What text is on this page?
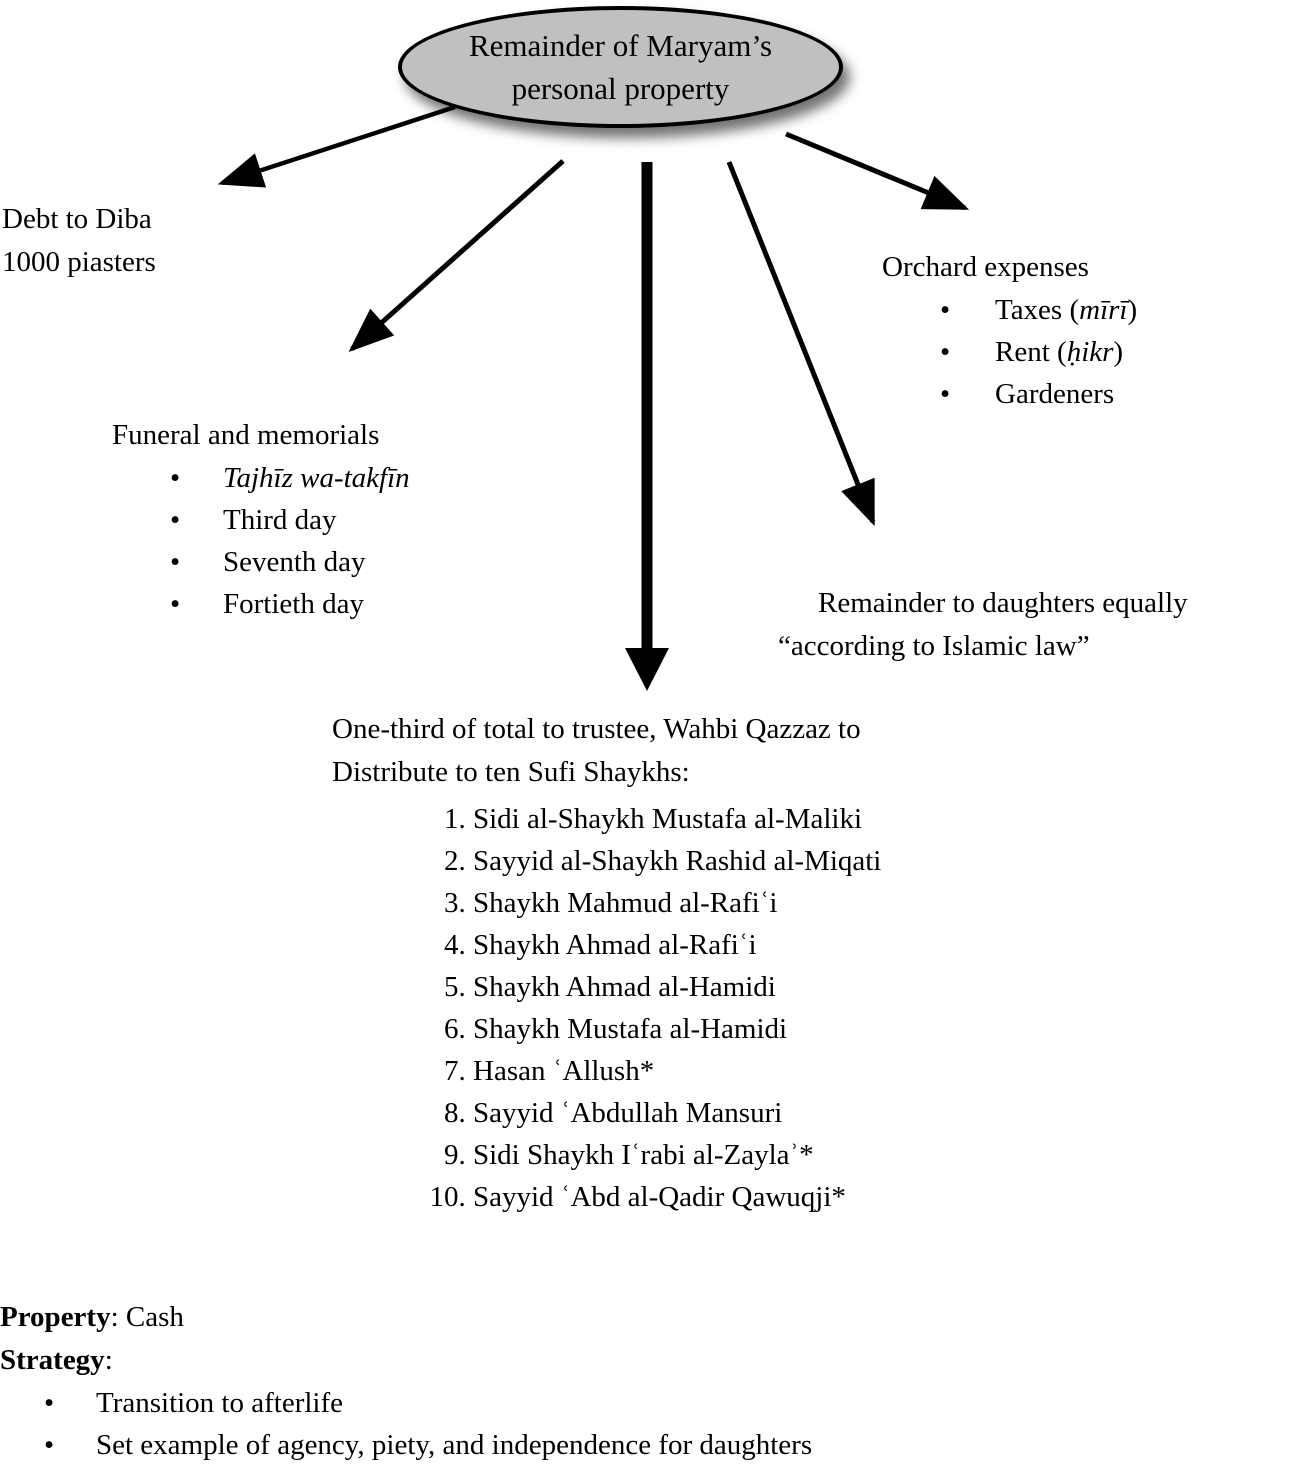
Remainder of Maryam’s
personal property
Debt to Diba
1000 piasters
Funeral and memorials
•	Tajhīz wa-takfīn
•	Third day
•	Seventh day
•	Fortieth day
Orchard expenses
•	Taxes (mīrī)
•	Rent (ḥikr)
•	Gardeners
Remainder to daughters equally
“according to Islamic law”
One-third of total to trustee, Wahbi Qazzaz to
Distribute to ten Sufi Shaykhs:
1. Sidi al-Shaykh Mustafa al-Maliki
2. Sayyid al-Shaykh Rashid al-Miqati
3. Shaykh Mahmud al-Rafiʿi
4. Shaykh Ahmad al-Rafiʿi
5. Shaykh Ahmad al-Hamidi
6. Shaykh Mustafa al-Hamidi
7. Hasan ʿAllush*
8. Sayyid ʿAbdullah Mansuri
9. Sidi Shaykh Iʿrabi al-Zaylaʾ*
10. Sayyid ʿAbd al-Qadir Qawuqji*
Property: Cash
Strategy:
•	Transition to afterlife
•	Set example of agency, piety, and independence for daughters
